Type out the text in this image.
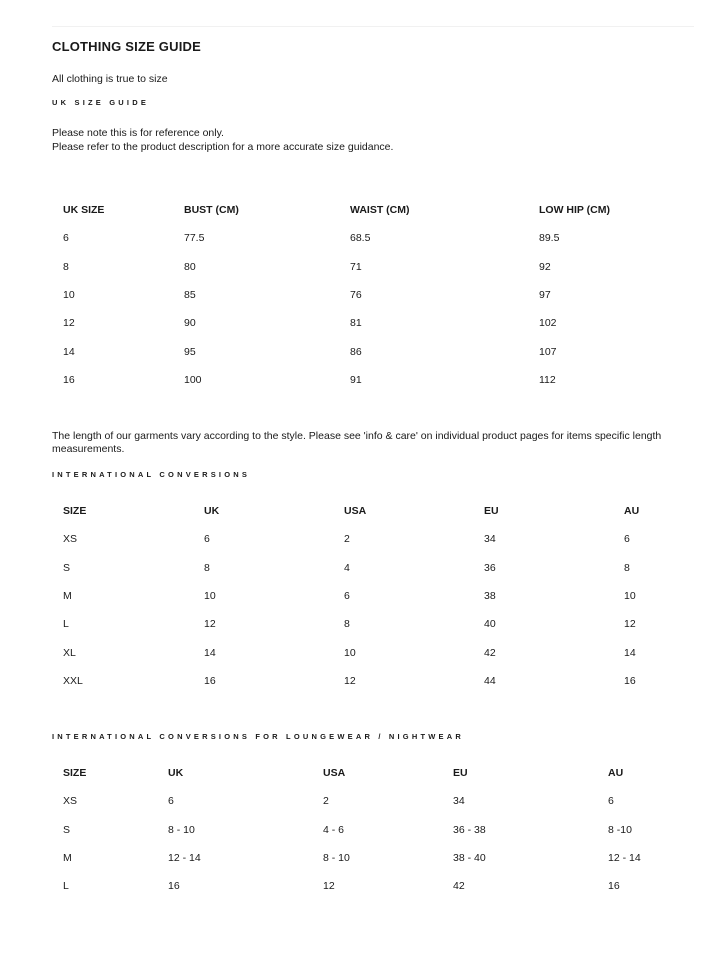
CLOTHING SIZE GUIDE

All clothing is true to size

UK SIZE GUIDE

Please note this is for reference only.

Please refer to the product description for a more accurate size guidance.

UK SIZE	BUST (CM)	WAIST (CM)	LOW HIP (CM)
6	77.5	68.5	89.5
8	80	71	92
10	85	76	97
12	90	81	102
14	95	86	107
16	100	91	112

The length of our garments vary according to the style. Please see 'info & care' on individual product pages for items specific length measurements.

INTERNATIONAL CONVERSIONS
SIZE	UK	USA	EU	AU
XS	6	2	34	6
S	8	4	36	8
M	10	6	38	10
L	12	8	40	12
XL	14	10	42	14
XXL	16	12	44	16
INTERNATIONAL CONVERSIONS FOR LOUNGEWEAR / NIGHTWEAR
SIZE	UK	USA	EU	AU
XS	6	2	34	6
S	8 - 10	4 - 6	36 - 38	8 -10
M	12 - 14	8 - 10	38 - 40	12 - 14
L	16	12	42	16
